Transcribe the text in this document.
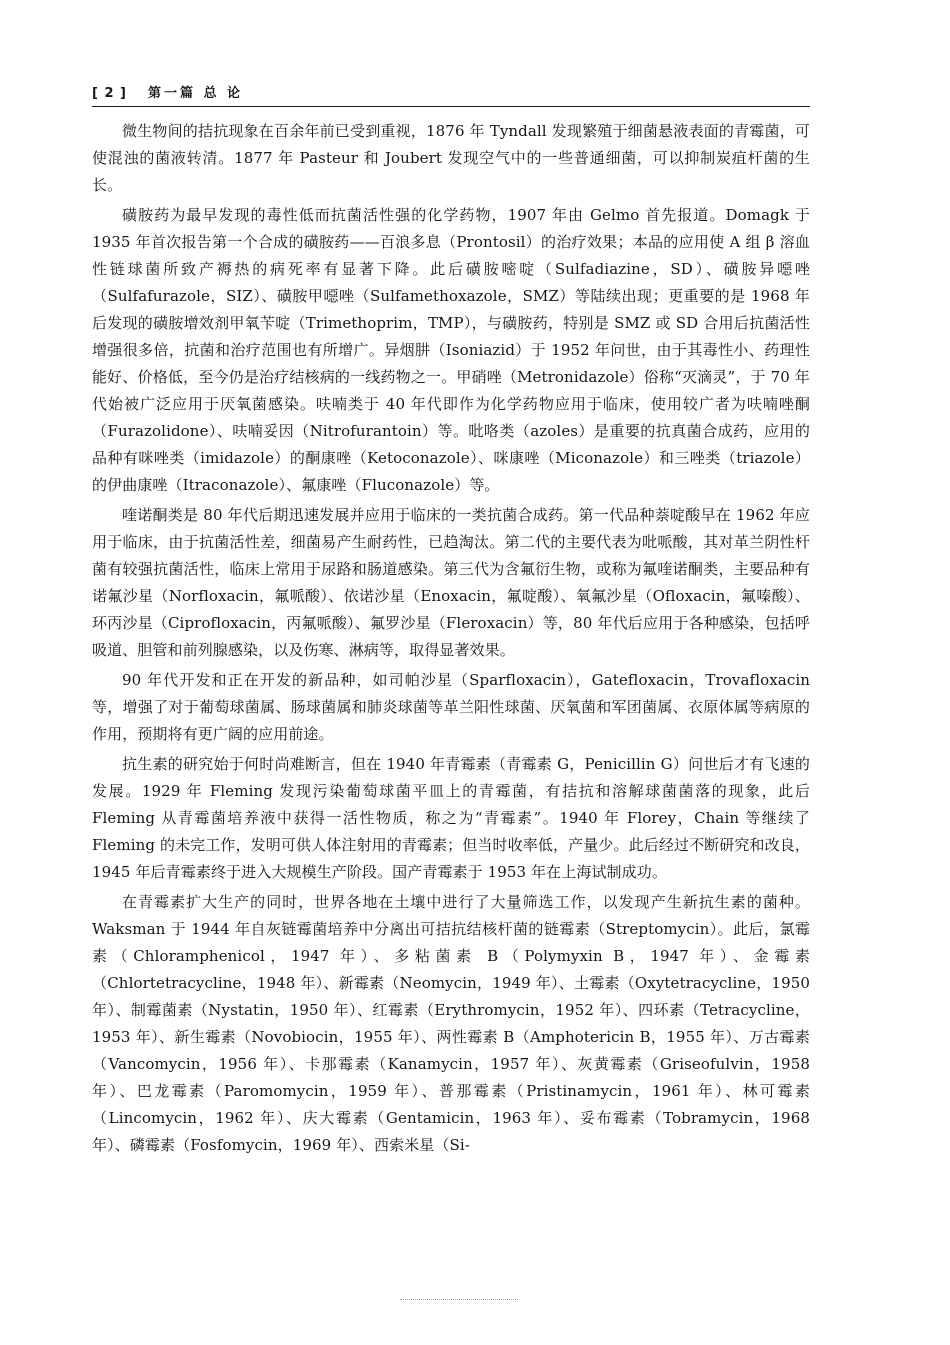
[ 2 ] 第一篇 总 论

微生物间的拮抗现象在百余年前已受到重视，1876 年 Tyndall 发现繁殖于细菌悬液表面的青霉菌，可使混浊的菌液转清。1877 年 Pasteur 和 Joubert 发现空气中的一些普通细菌，可以抑制炭疽杆菌的生长。

磺胺药为最早发现的毒性低而抗菌活性强的化学药物，1907 年由 Gelmo 首先报道。Domagk 于 1935 年首次报告第一个合成的磺胺药——百浪多息（Prontosil）的治疗效果；本品的应用使 A 组 β 溶血性链球菌所致产褥热的病死率有显著下降。此后磺胺嘧啶（Sulfadiazine，SD）、磺胺异噁唑（Sulfafurazole，SIZ）、磺胺甲噁唑（Sulfamethoxazole，SMZ）等陆续出现；更重要的是 1968 年后发现的磺胺增效剂甲氧苄啶（Trimethoprim，TMP），与磺胺药，特别是 SMZ 或 SD 合用后抗菌活性增强很多倍，抗菌和治疗范围也有所增广。异烟肼（Isoniazid）于 1952 年问世，由于其毒性小、药理性能好、价格低，至今仍是治疗结核病的一线药物之一。甲硝唑（Metronidazole）俗称“灭滴灵”，于 70 年代始被广泛应用于厌氧菌感染。呋喃类于 40 年代即作为化学药物应用于临床，使用较广者为呋喃唑酮（Furazolidone）、呋喃妥因（Nitrofurantoin）等。吡咯类（azoles）是重要的抗真菌合成药，应用的品种有咪唑类（imidazole）的酮康唑（Ketoconazole）、咪康唑（Miconazole）和三唑类（triazole）的伊曲康唑（Itraconazole）、氟康唑（Fluconazole）等。

喹诺酮类是 80 年代后期迅速发展并应用于临床的一类抗菌合成药。第一代品种萘啶酸早在 1962 年应用于临床，由于抗菌活性差，细菌易产生耐药性，已趋淘汰。第二代的主要代表为吡哌酸，其对革兰阴性杆菌有较强抗菌活性，临床上常用于尿路和肠道感染。第三代为含氟衍生物，或称为氟喹诺酮类，主要品种有诺氟沙星（Norfloxacin，氟哌酸）、依诺沙星（Enoxacin，氟啶酸）、氧氟沙星（Ofloxacin，氟嗪酸）、环丙沙星（Ciprofloxacin，丙氟哌酸）、氟罗沙星（Fleroxacin）等，80 年代后应用于各种感染，包括呼吸道、胆管和前列腺感染，以及伤寒、淋病等，取得显著效果。

90 年代开发和正在开发的新品种，如司帕沙星（Sparfloxacin），Gatefloxacin，Trovafloxacin 等，增强了对于葡萄球菌属、肠球菌属和肺炎球菌等革兰阳性球菌、厌氧菌和军团菌属、衣原体属等病原的作用，预期将有更广阔的应用前途。

抗生素的研究始于何时尚难断言，但在 1940 年青霉素（青霉素 G，Penicillin G）问世后才有飞速的发展。1929 年 Fleming 发现污染葡萄球菌平皿上的青霉菌，有拮抗和溶解球菌菌落的现象，此后 Fleming 从青霉菌培养液中获得一活性物质，称之为“青霉素”。1940 年 Florey，Chain 等继续了 Fleming 的未完工作，发明可供人体注射用的青霉素；但当时收率低，产量少。此后经过不断研究和改良，1945 年后青霉素终于进入大规模生产阶段。国产青霉素于 1953 年在上海试制成功。

在青霉素扩大生产的同时，世界各地在土壤中进行了大量筛选工作，以发现产生新抗生素的菌种。Waksman 于 1944 年自灰链霉菌培养中分离出可拮抗结核杆菌的链霉素（Streptomycin）。此后，氯霉素（Chloramphenicol，1947 年）、多粘菌素 B（Polymyxin B，1947 年）、金霉素（Chlortetracycline，1948 年）、新霉素（Neomycin，1949 年）、土霉素（Oxytetracycline，1950 年）、制霉菌素（Nystatin，1950 年）、红霉素（Erythromycin，1952 年）、四环素（Tetracycline，1953 年）、新生霉素（Novobiocin，1955 年）、两性霉素 B（Amphotericin B，1955 年）、万古霉素（Vancomycin，1956 年）、卡那霉素（Kanamycin，1957 年）、灰黄霉素（Griseofulvin，1958 年）、巴龙霉素（Paromomycin，1959 年）、普那霉素（Pristinamycin，1961 年）、林可霉素（Lincomycin，1962 年）、庆大霉素（Gentamicin，1963 年）、妥布霉素（Tobramycin，1968 年）、磷霉素（Fosfomycin，1969 年）、西索米星（Si-
